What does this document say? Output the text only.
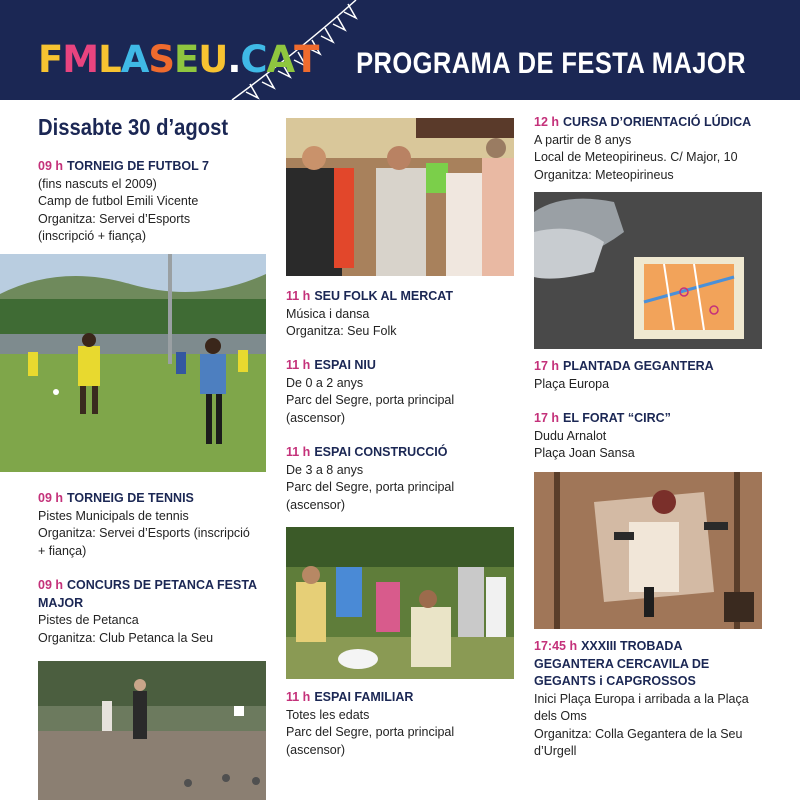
FMLASEU.CAT	PROGRAMA DE FESTA MAJOR
Dissabte 30 d’agost
09 h TORNEIG DE FUTBOL 7
(fins nascuts el 2009)
Camp de futbol Emili Vicente
Organitza: Servei d’Esports
(inscripció + fiança)
09 h TORNEIG DE TENNIS
Pistes Municipals de tennis
Organitza: Servei d’Esports (inscripció
+ fiança)
09 h CONCURS DE PETANCA FESTA
MAJOR
Pistes de Petanca
Organitza: Club Petanca la Seu
11 h SEU FOLK AL MERCAT
Música i dansa
Organitza: Seu Folk
11 h ESPAI NIU
De 0 a 2 anys
Parc del Segre, porta principal
(ascensor)
11 h ESPAI CONSTRUCCIÓ
De 3 a 8 anys
Parc del Segre, porta principal
(ascensor)
11 h ESPAI FAMILIAR
Totes les edats
Parc del Segre, porta principal
(ascensor)
12 h CURSA D’ORIENTACIÓ LÚDICA
A partir de 8 anys
Local de Meteopirineus. C/ Major, 10
Organitza: Meteopirineus
17 h PLANTADA GEGANTERA
Plaça Europa
17 h EL FORAT “CIRC”
Dudu Arnalot
Plaça Joan Sansa
17:45 h XXXIII TROBADA
GEGANTERA CERCAVILA DE
GEGANTS i CAPGROSSOS
Inici Plaça Europa i arribada a la Plaça
dels Oms
Organitza: Colla Gegantera de la Seu
d’Urgell
